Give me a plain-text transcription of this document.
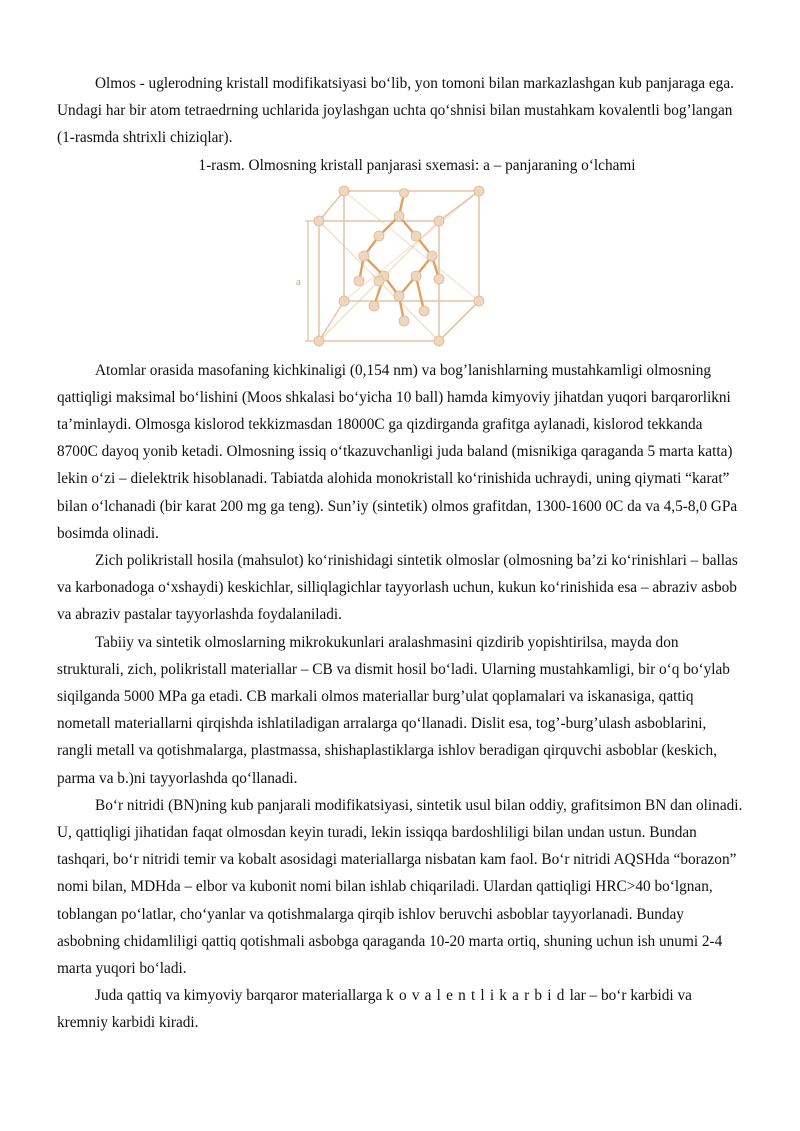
Olmos - uglerodning kristall modifikatsiyasi bo‘lib, yon tomoni bilan markazlashgan kub panjaraga ega. Undagi har bir atom tetraedrning uchlarida joylashgan uchta qo‘shnisi bilan mustahkam kovalentli bog’langan (1-rasmda shtrixli chiziqlar).

1-rasm. Olmosning kristall panjarasi sxemasi: a – panjaraning o‘lchami

a

Atomlar orasida masofaning kichkinaligi (0,154 nm) va bog’lanishlarning mustahkamligi olmosning qattiqligi maksimal bo‘lishini (Moos shkalasi bo‘yicha 10 ball) hamda kimyoviy jihatdan yuqori barqarorlikni ta’minlaydi. Olmosga kislorod tekkizmasdan 18000C ga qizdirganda grafitga aylanadi, kislorod tekkanda 8700C dayoq yonib ketadi. Olmosning issiq o‘tkazuvchanligi juda baland (misnikiga qaraganda 5 marta katta) lekin o‘zi – dielektrik hisoblanadi. Tabiatda alohida monokristall ko‘rinishida uchraydi, uning qiymati “karat” bilan o‘lchanadi (bir karat 200 mg ga teng). Sun’iy (sintetik) olmos grafitdan, 1300-1600 0C da va 4,5-8,0 GPa bosimda olinadi.

Zich polikristall hosila (mahsulot) ko‘rinishidagi sintetik olmoslar (olmosning ba’zi ko‘rinishlari – ballas va karbonadoga o‘xshaydi) keskichlar, silliqlagichlar tayyorlash uchun, kukun ko‘rinishida esa – abraziv asbob va abraziv pastalar tayyorlashda foydalaniladi.

Tabiiy va sintetik olmoslarning mikrokukunlari aralashmasini qizdirib yopishtirilsa, mayda don strukturali, zich, polikristall materiallar – CB va dismit hosil bo‘ladi. Ularning mustahkamligi, bir o‘q bo‘ylab siqilganda 5000 MPa ga etadi. CB markali olmos materiallar burg’ulat qoplamalari va iskanasiga, qattiq nometall materiallarni qirqishda ishlatiladigan arralarga qo‘llanadi. Dislit esa, tog’-burg’ulash asboblarini, rangli metall va qotishmalarga, plastmassa, shishaplastiklarga ishlov beradigan qirquvchi asboblar (keskich, parma va b.)ni tayyorlashda qo‘llanadi.

Bo‘r nitridi (BN)ning kub panjarali modifikatsiyasi, sintetik usul bilan oddiy, grafitsimon BN dan olinadi. U, qattiqligi jihatidan faqat olmosdan keyin turadi, lekin issiqqa bardoshliligi bilan undan ustun. Bundan tashqari, bo‘r nitridi temir va kobalt asosidagi materiallarga nisbatan kam faol. Bo‘r nitridi AQSHda “borazon” nomi bilan, MDHda – elbor va kubonit nomi bilan ishlab chiqariladi. Ulardan qattiqligi HRC>40 bo‘lgnan, toblangan po‘latlar, cho‘yanlar va qotishmalarga qirqib ishlov beruvchi asboblar tayyorlanadi. Bunday asbobning chidamliligi qattiq qotishmali asbobga qaraganda 10-20 marta ortiq, shuning uchun ish unumi 2-4 marta yuqori bo‘ladi.

Juda qattiq va kimyoviy barqaror materiallarga kovalentlikarbidlar – bo‘r karbidi va kremniy karbidi kiradi.
